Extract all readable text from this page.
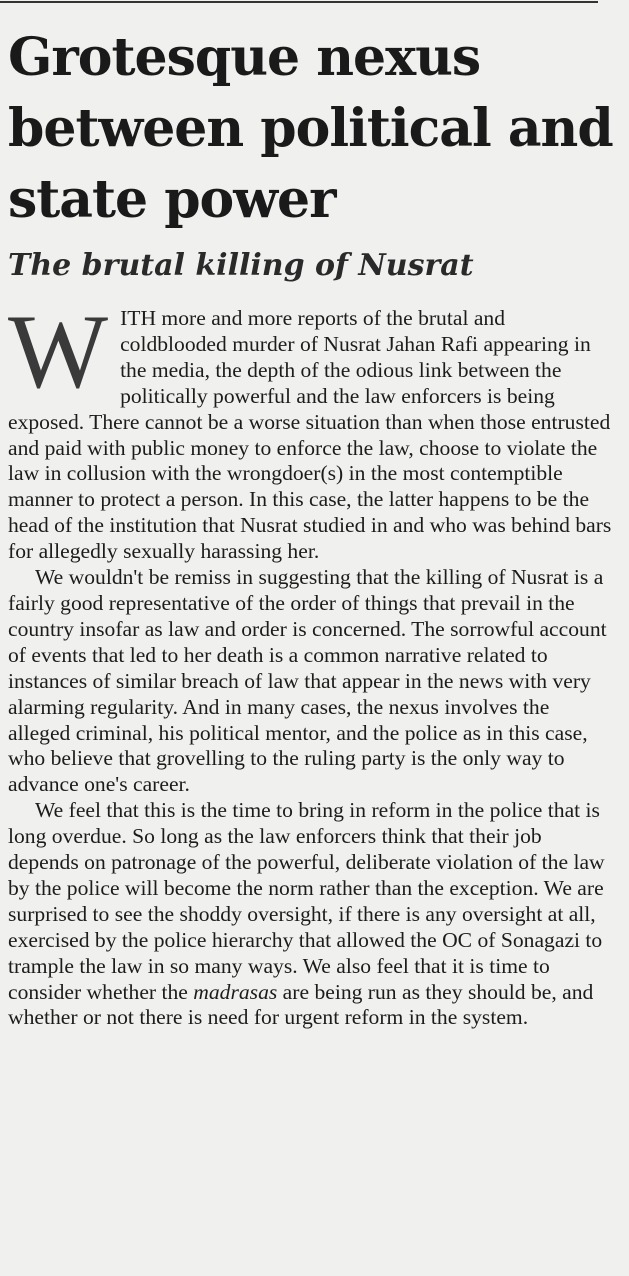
Grotesque nexus between political and state power
The brutal killing of Nusrat

WITH more and more reports of the brutal and coldblooded murder of Nusrat Jahan Rafi appearing in the media, the depth of the odious link between the politically powerful and the law enforcers is being exposed. There cannot be a worse situation than when those entrusted and paid with public money to enforce the law, choose to violate the law in collusion with the wrongdoer(s) in the most contemptible manner to protect a person. In this case, the latter happens to be the head of the institution that Nusrat studied in and who was behind bars for allegedly sexually harassing her.

We wouldn't be remiss in suggesting that the killing of Nusrat is a fairly good representative of the order of things that prevail in the country insofar as law and order is concerned. The sorrowful account of events that led to her death is a common narrative related to instances of similar breach of law that appear in the news with very alarming regularity. And in many cases, the nexus involves the alleged criminal, his political mentor, and the police as in this case, who believe that grovelling to the ruling party is the only way to advance one's career.

We feel that this is the time to bring in reform in the police that is long overdue. So long as the law enforcers think that their job depends on patronage of the powerful, deliberate violation of the law by the police will become the norm rather than the exception. We are surprised to see the shoddy oversight, if there is any oversight at all, exercised by the police hierarchy that allowed the OC of Sonagazi to trample the law in so many ways. We also feel that it is time to consider whether the madrasas are being run as they should be, and whether or not there is need for urgent reform in the system.
